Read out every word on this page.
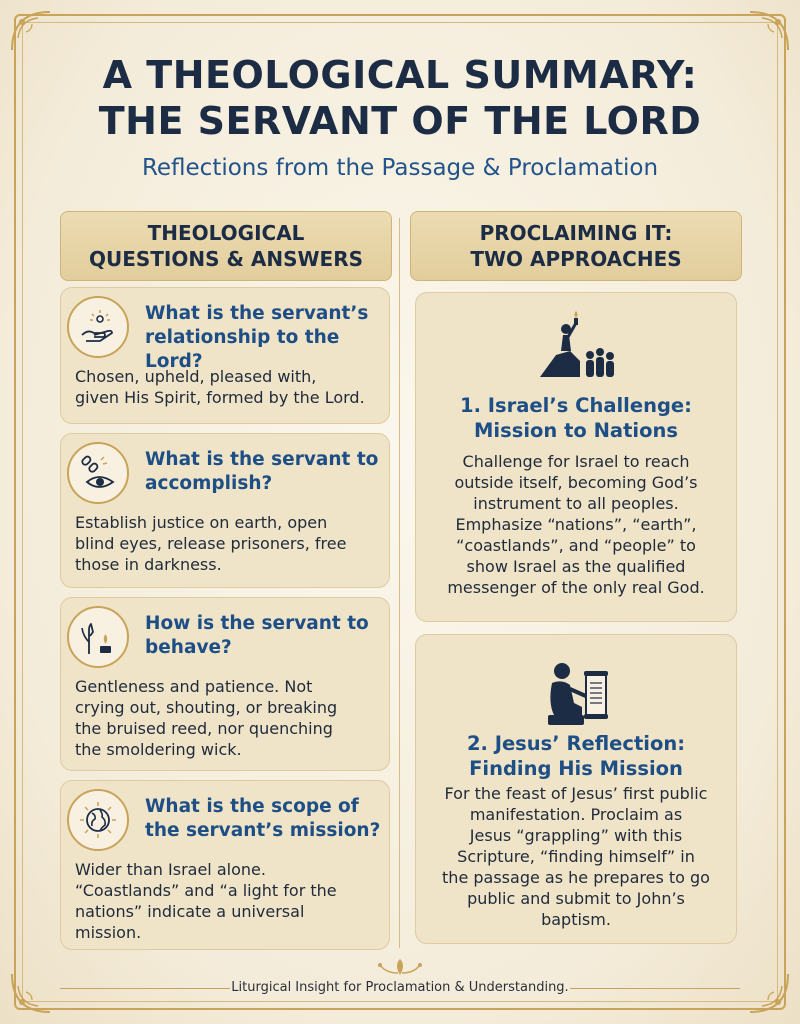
A THEOLOGICAL SUMMARY:
THE SERVANT OF THE LORD
Reflections from the Passage & Proclamation
THEOLOGICAL
QUESTIONS & ANSWERS
PROCLAIMING IT:
TWO APPROACHES
What is the servant’s
relationship to the Lord?
Chosen, upheld, pleased with,
given His Spirit, formed by the Lord.
What is the servant to
accomplish?
Establish justice on earth, open
blind eyes, release prisoners, free
those in darkness.
How is the servant to
behave?
Gentleness and patience. Not
crying out, shouting, or breaking
the bruised reed, nor quenching
the smoldering wick.
What is the scope of
the servant’s mission?
Wider than Israel alone.
“Coastlands” and “a light for the
nations” indicate a universal
mission.
1. Israel’s Challenge:
Mission to Nations
Challenge for Israel to reach
outside itself, becoming God’s
instrument to all peoples.
Emphasize “nations”, “earth”,
“coastlands”, and “people” to
show Israel as the qualified
messenger of the only real God.
2. Jesus’ Reflection:
Finding His Mission
For the feast of Jesus’ first public
manifestation. Proclaim as
Jesus “grappling” with this
Scripture, “finding himself” in
the passage as he prepares to go
public and submit to John’s
baptism.
Liturgical Insight for Proclamation & Understanding.
